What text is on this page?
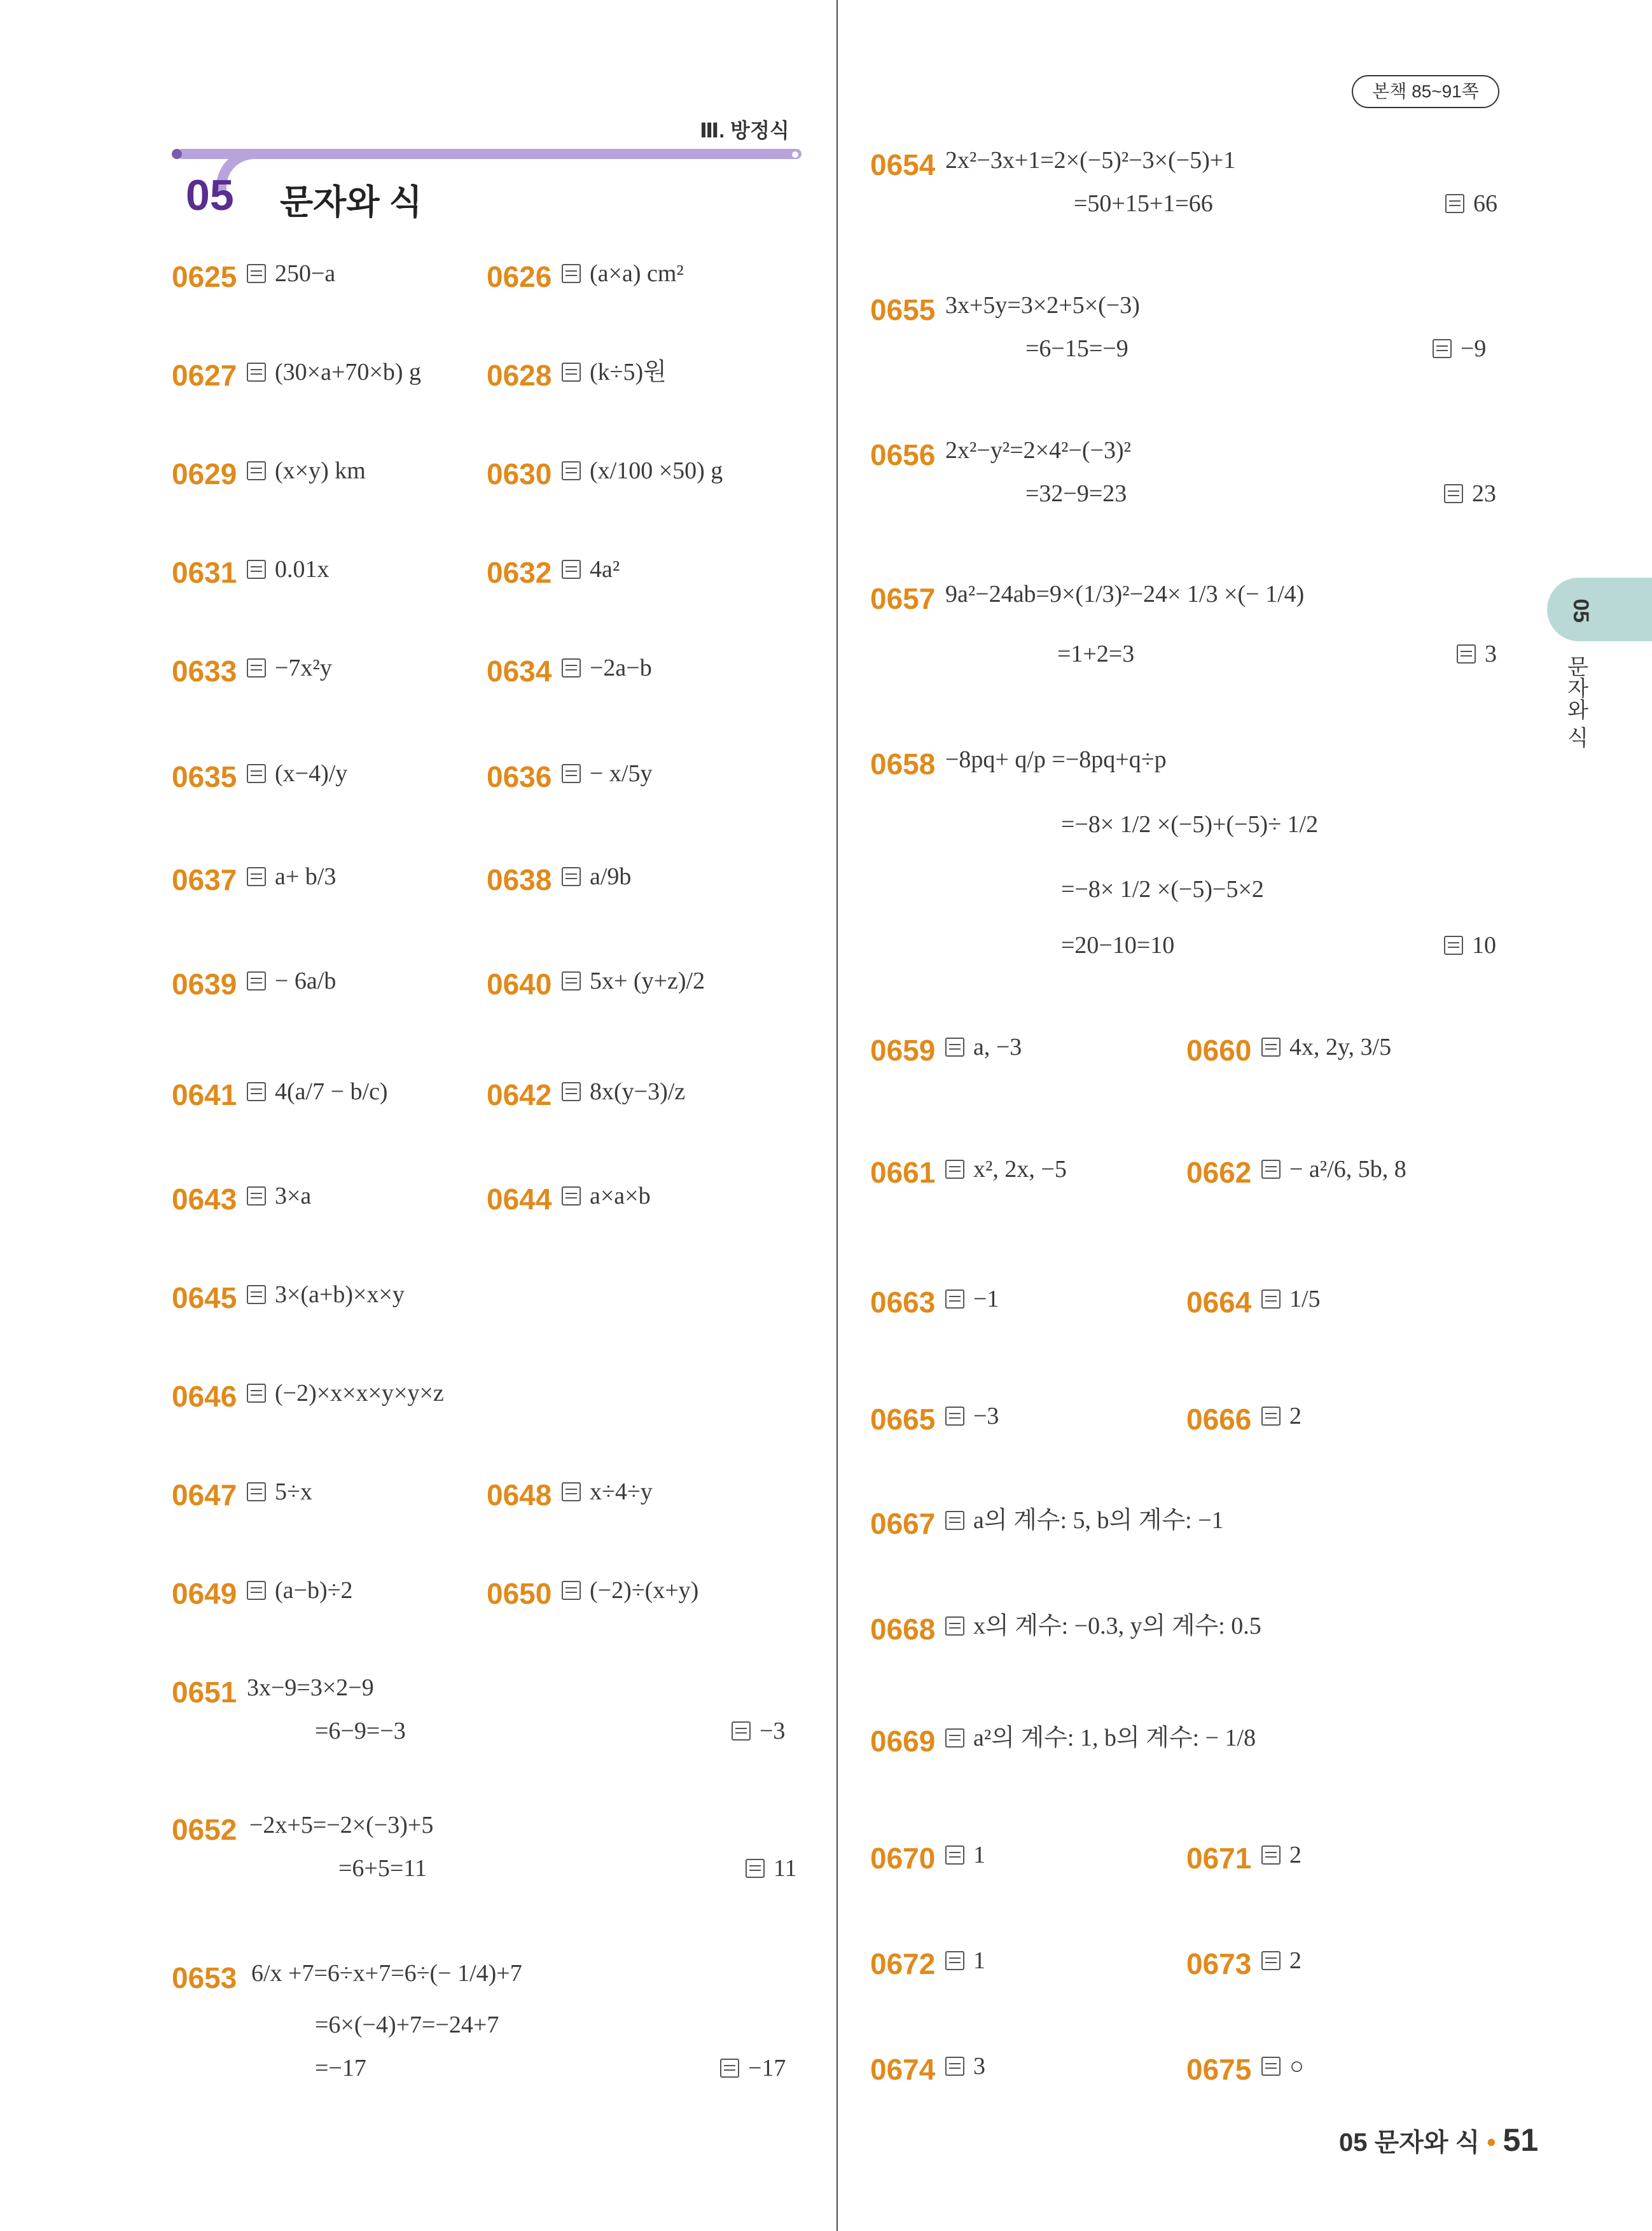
Ⅲ. 방정식
05 문자와 식
본책 85~91쪽
05
문자와 식
0625	250−a	0626	(a×a) cm²
0627	(30×a+70×b) g 0628	(k÷5)원
0629	(x×y) km	0630	(x/100 ×50) g
0631	0.01x	0632	4a²
0633	−7x²y	0634	−2a−b
0635	(x−4)/y	0636	− x/5y
0637	a+ b/3	0638	a/9b
0639	− 6a/b	0640	5x+ (y+z)/2
0641	4(a/7 − b/c)	0642	8x(y−3)/z
0643	3×a	0644	a×a×b
0645	3×(a+b)×x×y
0646	(−2)×x×x×y×y×z
0647	5÷x	0648	x÷4÷y
0649	(a−b)÷2	0650	(−2)÷(x+y)
0651 3x−9=3×2−9
=6−9=−3	−3
0652 −2x+5=−2×(−3)+5
=6+5=11	11
0653 6/x +7=6÷x+7=6÷(− 1/4)+7
=6×(−4)+7=−24+7
=−17	−17
0654 2x²−3x+1=2×(−5)²−3×(−5)+1
=50+15+1=66	66
0655 3x+5y=3×2+5×(−3)
=6−15=−9	−9
0656 2x²−y²=2×4²−(−3)²
=32−9=23	23
0657 9a²−24ab=9×(1/3)²−24× 1/3 ×(− 1/4)
=1+2=3	3
0658 −8pq+ q/p =−8pq+q÷p
=−8× 1/2 ×(−5)+(−5)÷ 1/2
=−8× 1/2 ×(−5)−5×2
=20−10=10	10
0659	a, −3	0660	4x, 2y, 3/5
0661	x², 2x, −5	0662	− a²/6, 5b, 8
0663	−1	0664	1/5
0665	−3	0666	2
0667	a의 계수: 5, b의 계수: −1
0668	x의 계수: −0.3, y의 계수: 0.5
0669	a²의 계수: 1, b의 계수: − 1/8
0670	1	0671	2
0672	1	0673	2
0674	3	0675	○
05 문자와 식 • 51
